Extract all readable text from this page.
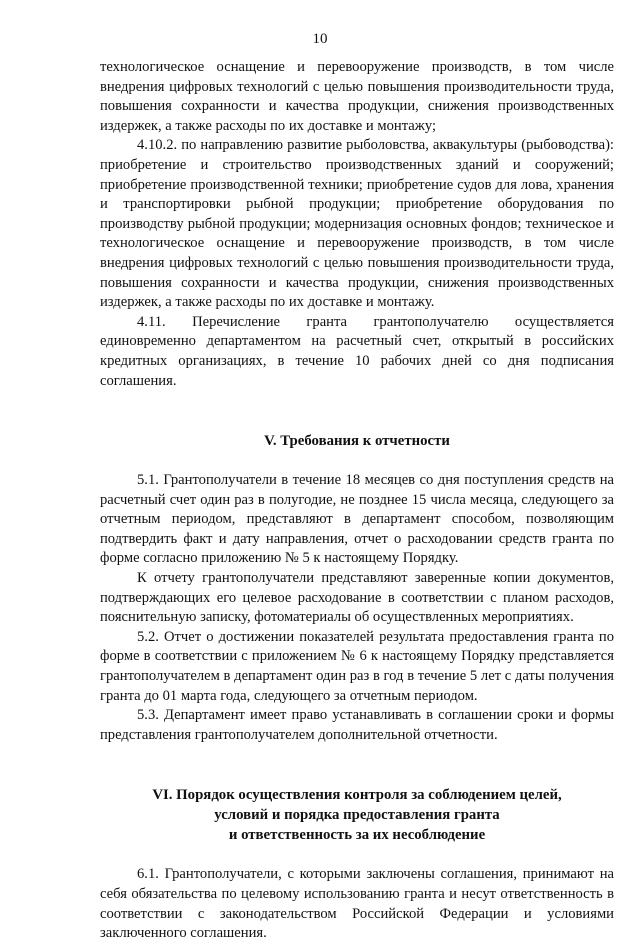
10

технологическое оснащение и перевооружение производств, в том числе внедрения цифровых технологий с целью повышения производительности труда, повышения сохранности и качества продукции, снижения производственных издержек, а также расходы по их доставке и монтажу;

4.10.2. по направлению развитие рыболовства, аквакультуры (рыбоводства): приобретение и строительство производственных зданий и сооружений; приобретение производственной техники; приобретение судов для лова, хранения и транспортировки рыбной продукции; приобретение оборудования по производству рыбной продукции; модернизация основных фондов; техническое и технологическое оснащение и перевооружение производств, в том числе внедрения цифровых технологий с целью повышения производительности труда, повышения сохранности и качества продукции, снижения производственных издержек, а также расходы по их доставке и монтажу.

4.11. Перечисление гранта грантополучателю осуществляется единовременно департаментом на расчетный счет, открытый в российских кредитных организациях, в течение 10 рабочих дней со дня подписания соглашения.

V. Требования к отчетности

5.1. Грантополучатели в течение 18 месяцев со дня поступления средств на расчетный счет один раз в полугодие, не позднее 15 числа месяца, следующего за отчетным периодом, представляют в департамент способом, позволяющим подтвердить факт и дату направления, отчет о расходовании средств гранта по форме согласно приложению № 5 к настоящему Порядку.

К отчету грантополучатели представляют заверенные копии документов, подтверждающих его целевое расходование в соответствии с планом расходов, пояснительную записку, фотоматериалы об осуществленных мероприятиях.

5.2. Отчет о достижении показателей результата предоставления гранта по форме в соответствии с приложением № 6 к настоящему Порядку представляется грантополучателем в департамент один раз в год в течение 5 лет с даты получения гранта до 01 марта года, следующего за отчетным периодом.

5.3. Департамент имеет право устанавливать в соглашении сроки и формы представления грантополучателем дополнительной отчетности.

VI. Порядок осуществления контроля за соблюдением целей,
условий и порядка предоставления гранта
и ответственность за их несоблюдение

6.1. Грантополучатели, с которыми заключены соглашения, принимают на себя обязательства по целевому использованию гранта и несут ответственность в соответствии с законодательством Российской Федерации и условиями заключенного соглашения.
